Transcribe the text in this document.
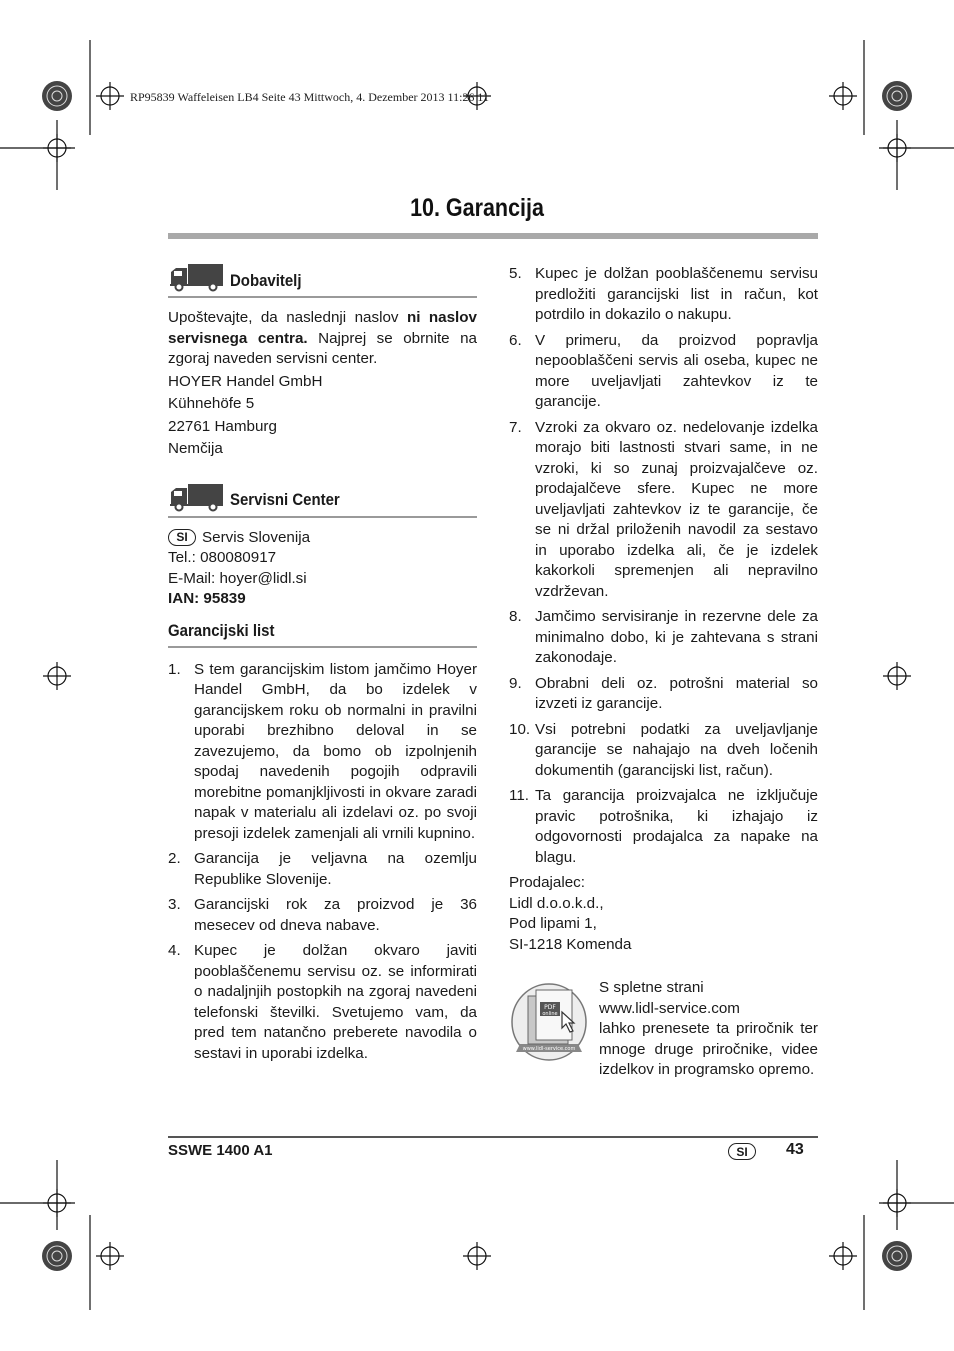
RP95839 Waffeleisen LB4 Seite 43 Mittwoch, 4. Dezember 2013 11:26 11
10. Garancija
Dobavitelj

Upoštevajte, da naslednji naslov ni naslov servisnega centra. Najprej se obrnite na zgoraj naveden servisni center.

HOYER Handel GmbH
Kühnehöfe 5
22761 Hamburg
Nemčija
Servisni Center
SI Servis Slovenija
Tel.: 080080917
E-Mail: hoyer@lidl.si
IAN: 95839
Garancijski list
1. S tem garancijskim listom jamčimo Hoyer Handel GmbH, da bo izdelek v garancijskem roku ob normalni in pravilni uporabi brezhibno deloval in se zavezujemo, da bomo ob izpolnjenih spodaj navedenih pogojih odpravili morebitne pomanjkljivosti in okvare zaradi napak v materialu ali izdelavi oz. po svoji presoji izdelek zamenjali ali vrnili kupnino.
2. Garancija je veljavna na ozemlju Republike Slovenije.
3. Garancijski rok za proizvod je 36 mesecev od dneva nabave.
4. Kupec je dolžan okvaro javiti pooblaščenemu servisu oz. se informirati o nadaljnjih postopkih na zgoraj navedeni telefonski številki. Svetujemo vam, da pred tem natančno preberete navodila o sestavi in uporabi izdelka.
5. Kupec je dolžan pooblaščenemu servisu predložiti garancijski list in račun, kot potrdilo in dokazilo o nakupu.
6. V primeru, da proizvod popravlja nepooblaščeni servis ali oseba, kupec ne more uveljavljati zahtevkov iz te garancije.
7. Vzroki za okvaro oz. nedelovanje izdelka morajo biti lastnosti stvari same, in ne vzroki, ki so zunaj proizvajalčeve oz. prodajalčeve sfere. Kupec ne more uveljavljati zahtevkov iz te garancije, če se ni držal priloženih navodil za sestavo in uporabo izdelka ali, če je izdelek kakorkoli spremenjen ali nepravilno vzdrževan.
8. Jamčimo servisiranje in rezervne dele za minimalno dobo, ki je zahtevana s strani zakonodaje.
9. Obrabni deli oz. potrošni material so izvzeti iz garancije.
10. Vsi potrebni podatki za uveljavljanje garancije se nahajajo na dveh ločenih dokumentih (garancijski list, račun).
11. Ta garancija proizvajalca ne izključuje pravic potrošnika, ki izhajajo iz odgovornosti prodajalca za napake na blagu.
Prodajalec:
Lidl d.o.o.k.d.,
Pod lipami 1,
SI-1218 Komenda
PDF
online
www.lidl-service.com
S spletne strani
www.lidl-service.com

lahko prenesete ta priročnik ter mnoge druge priročnike, videe izdelkov in programsko opremo.

SSWE 1400 A1	SI	43
